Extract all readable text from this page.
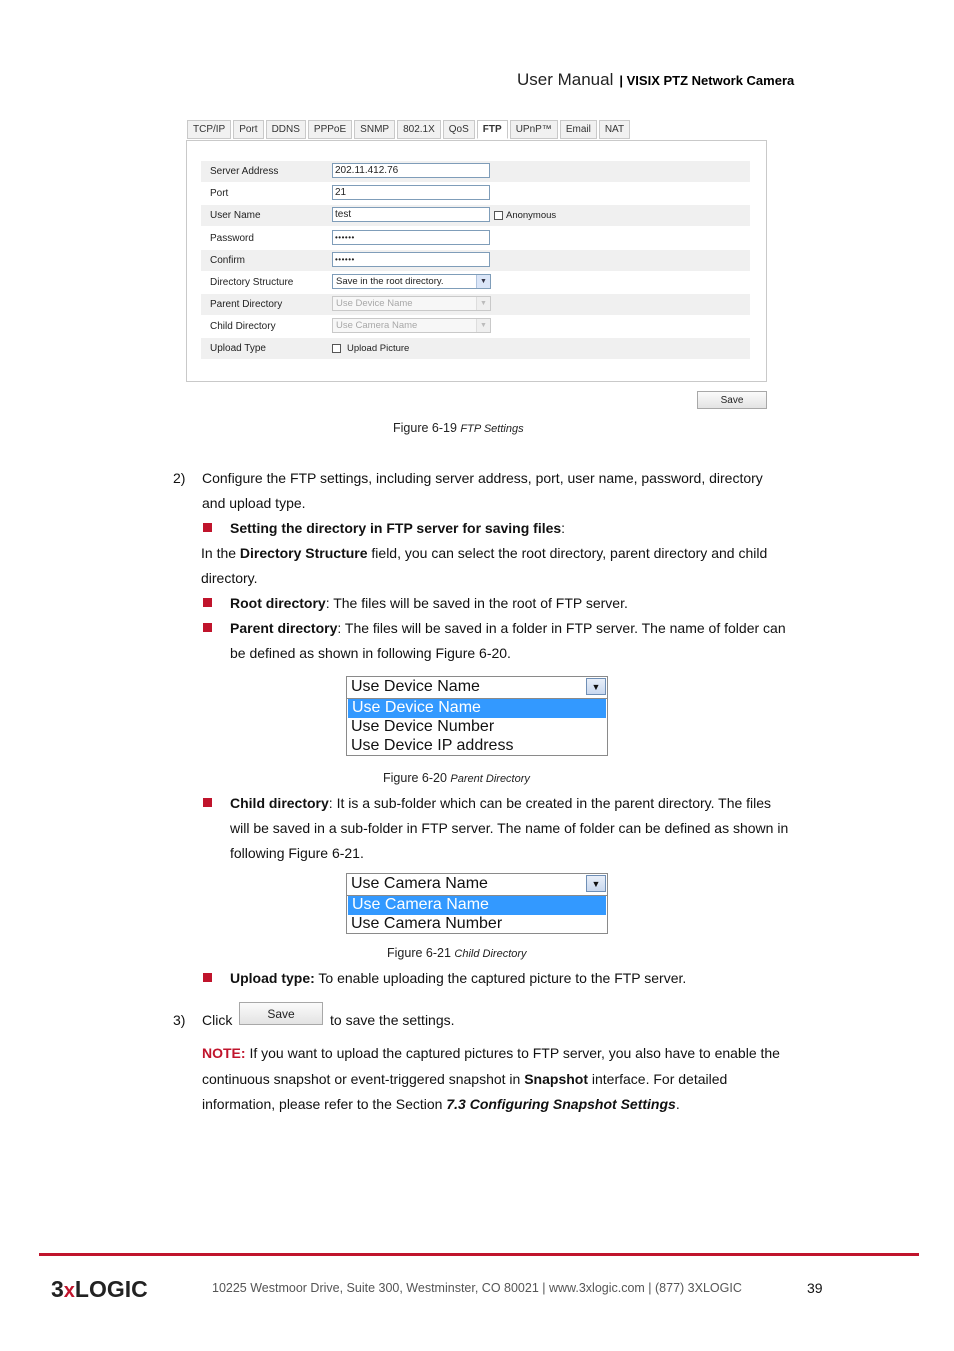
User Manual | VISIX PTZ Network Camera
TCP/IP	Port	DDNS	PPPoE	SNMP	802.1X	QoS	FTP	UPnP™	Email	NAT
Server Address	202.11.412.76
Port	21
User Name	test	Anonymous
Password	••••••
Confirm	••••••
Directory Structure	Save in the root directory.	▼
Parent Directory	Use Device Name	▼
Child Directory	Use Camera Name	▼
Upload Type	Upload Picture
Save
Figure 6-19 FTP Settings
2) Configure the FTP settings, including server address, port, user name, password, directory
and upload type.
Setting the directory in FTP server for saving files:
In the Directory Structure field, you can select the root directory, parent directory and child
directory.
Root directory: The files will be saved in the root of FTP server.
Parent directory: The files will be saved in a folder in FTP server. The name of folder can
be defined as shown in following Figure 6-20.
Use Device Name	▼
Use Device Name
Use Device Number
Use Device IP address
Figure 6-20 Parent Directory
Child directory: It is a sub-folder which can be created in the parent directory. The files
will be saved in a sub-folder in FTP server. The name of folder can be defined as shown in
following Figure 6-21.
Use Camera Name	▼
Use Camera Name
Use Camera Number
Figure 6-21 Child Directory
Upload type: To enable uploading the captured picture to the FTP server.
3) Click	Save	to save the settings.
NOTE: If you want to upload the captured pictures to FTP server, you also have to enable the
continuous snapshot or event-triggered snapshot in Snapshot interface. For detailed
information, please refer to the Section 7.3 Configuring Snapshot Settings.
3xLOGIC	10225 Westmoor Drive, Suite 300, Westminster, CO 80021 | www.3xlogic.com | (877) 3XLOGIC	39
